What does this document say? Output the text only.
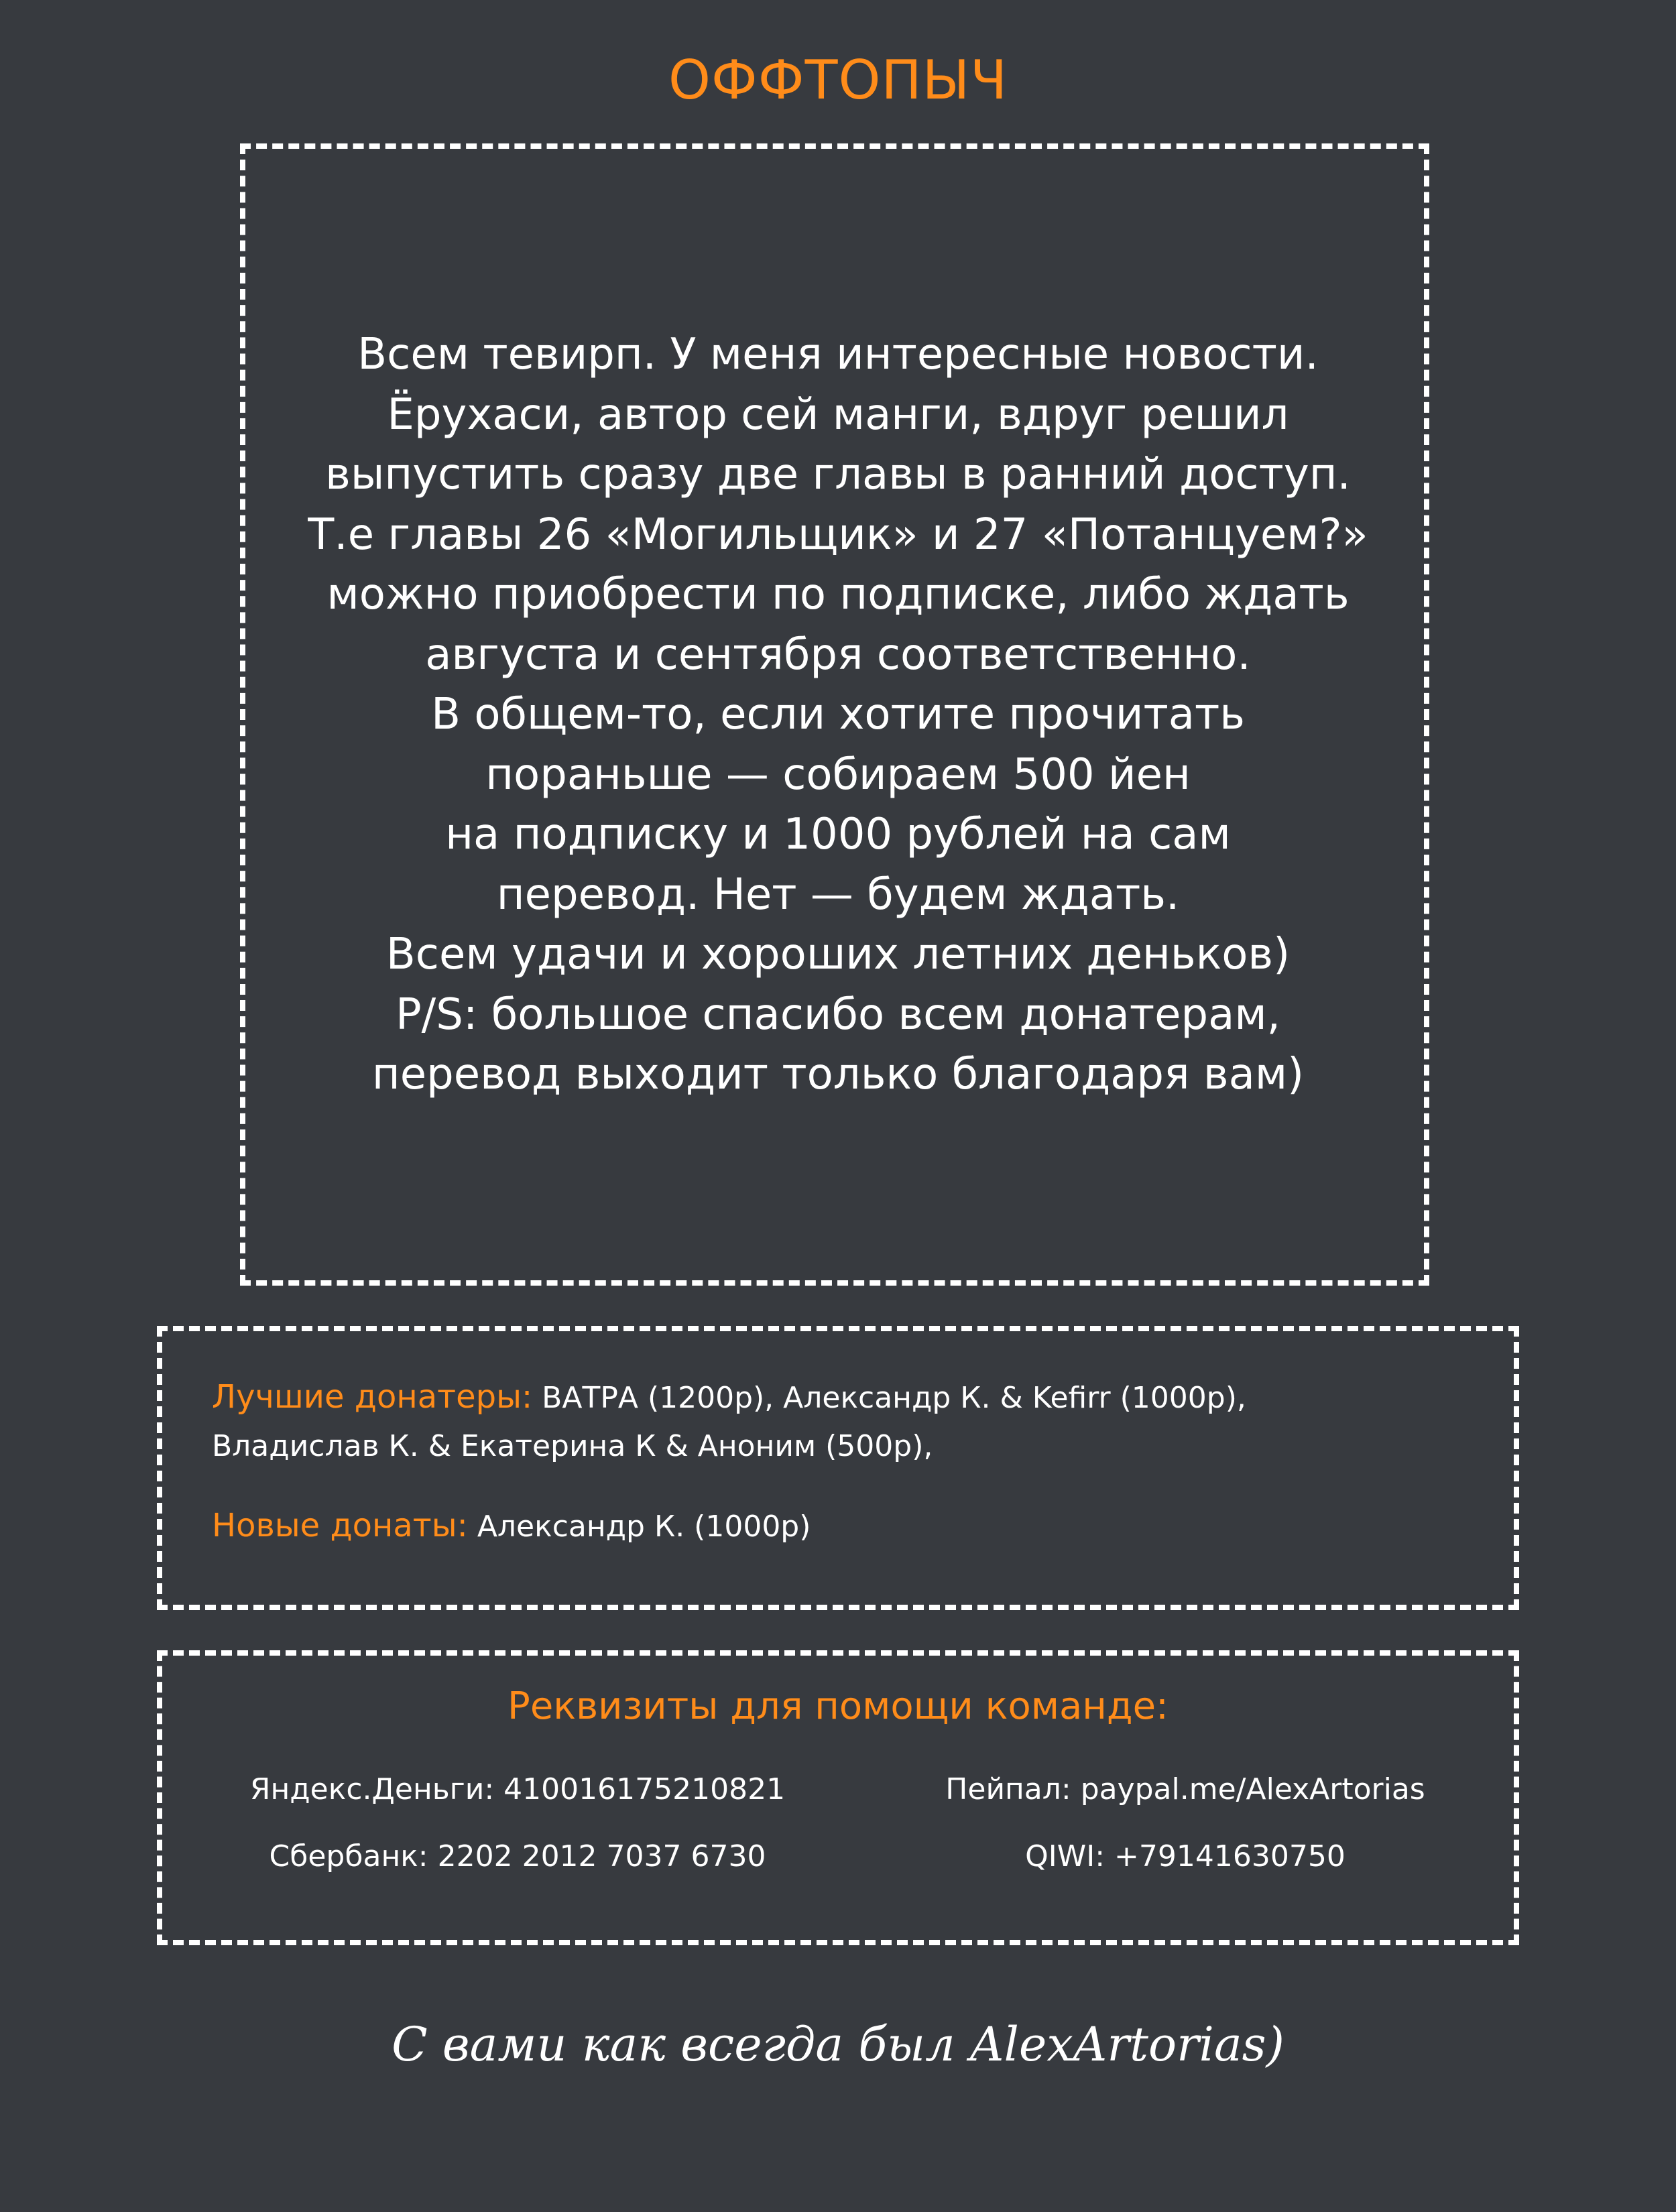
ОФФТОПЫЧ
Всем тевирп. У меня интересные новости.
Ёрухаси, автор сей манги, вдруг решил
выпустить сразу две главы в ранний доступ.
Т.е главы 26 «Могильщик» и 27 «Потанцуем?»
можно приобрести по подписке, либо ждать
августа и сентября соответственно.
В общем-то, если хотите прочитать
пораньше — собираем 500 йен
на подписку и 1000 рублей на сам
перевод. Нет — будем ждать.
Всем удачи и хороших летних деньков)
P/S: большое спасибо всем донатерам,
перевод выходит только благодаря вам)
Лучшие донатеры: ВАТРА (1200р), Александр К. & Kefirr (1000р),
Владислав К. & Екатерина К & Аноним (500р),
Новые донаты: Александр К. (1000р)
Реквизиты для помощи команде:
Яндекс.Деньги: 410016175210821	Пейпал: paypal.me/AlexArtorias
Сбербанк: 2202 2012 7037 6730	QIWI: +79141630750
С вами как всегда был AlexArtorias)
